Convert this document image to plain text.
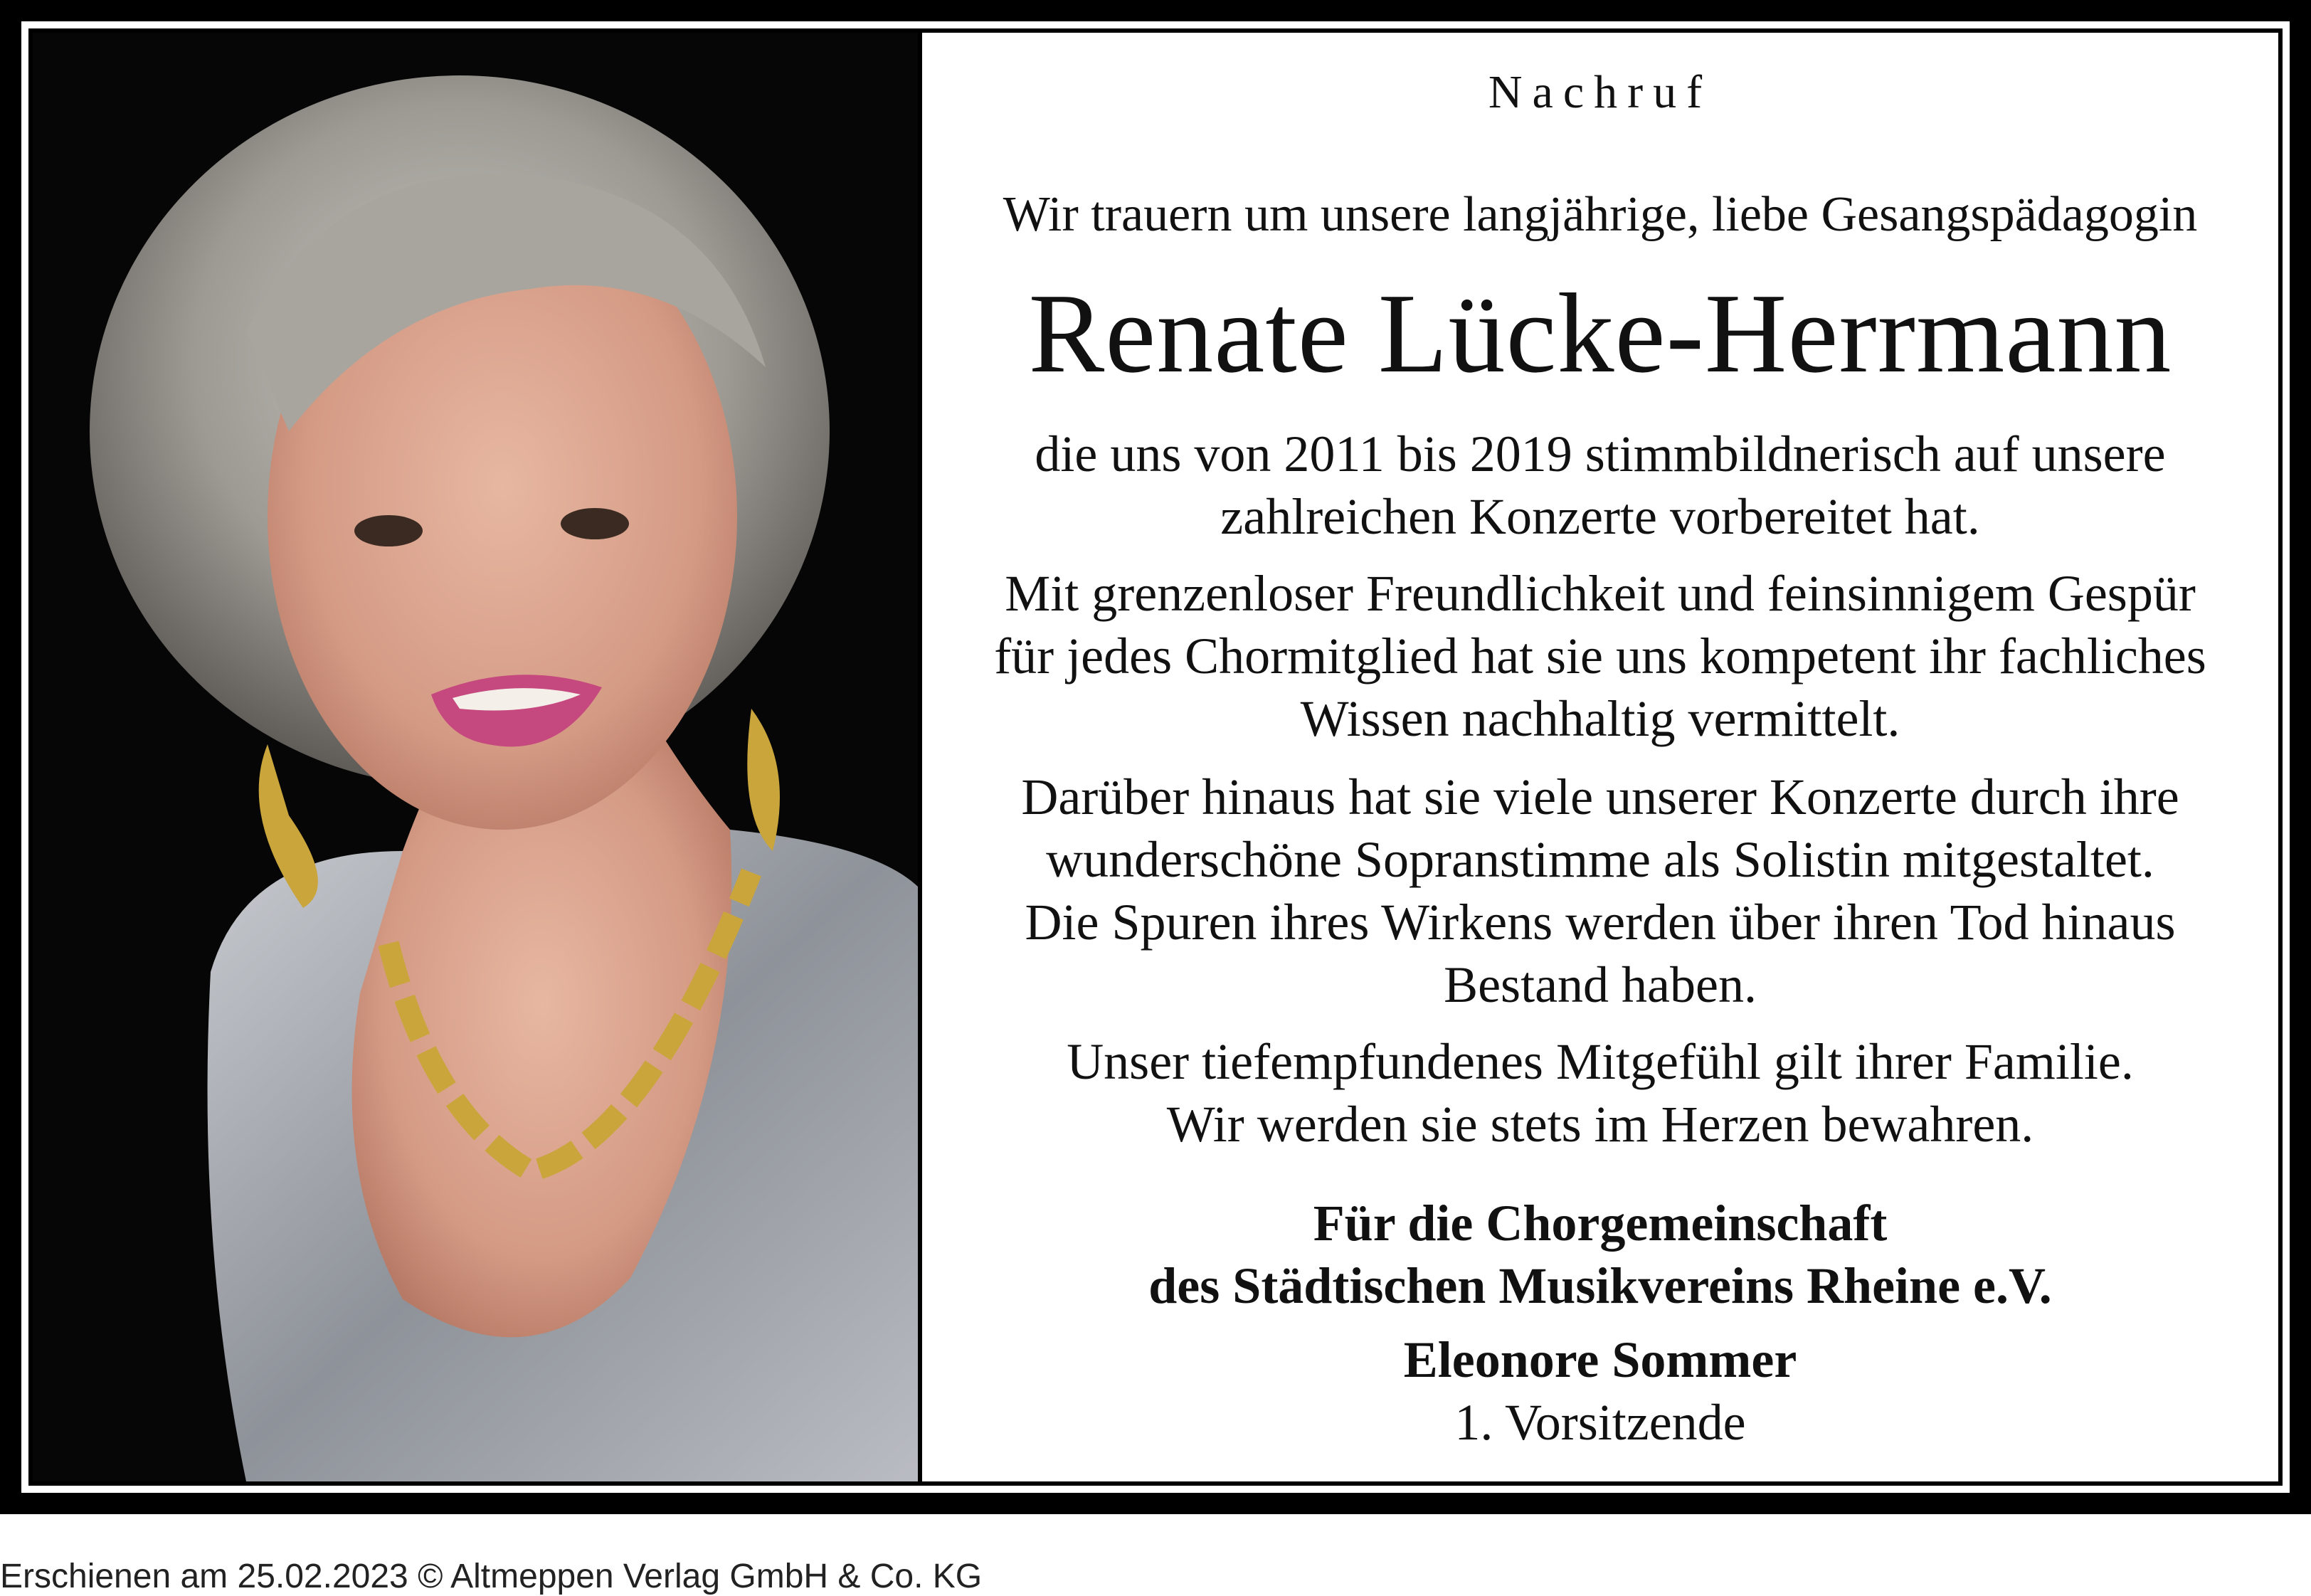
Nachruf
Wir trauern um unsere langjährige, liebe Gesangspädagogin
Renate Lücke-Herrmann
die uns von 2011 bis 2019 stimmbildnerisch auf unsere
zahlreichen Konzerte vorbereitet hat.
Mit grenzenloser Freundlichkeit und feinsinnigem Gespür
für jedes Chormitglied hat sie uns kompetent ihr fachliches
Wissen nachhaltig vermittelt.
Darüber hinaus hat sie viele unserer Konzerte durch ihre
wunderschöne Sopranstimme als Solistin mitgestaltet.
Die Spuren ihres Wirkens werden über ihren Tod hinaus
Bestand haben.
Unser tiefempfundenes Mitgefühl gilt ihrer Familie.
Wir werden sie stets im Herzen bewahren.
Für die Chorgemeinschaft
des Städtischen Musikvereins Rheine e.V.
Eleonore Sommer
1. Vorsitzende
Erschienen am 25.02.2023 © Altmeppen Verlag GmbH & Co. KG
